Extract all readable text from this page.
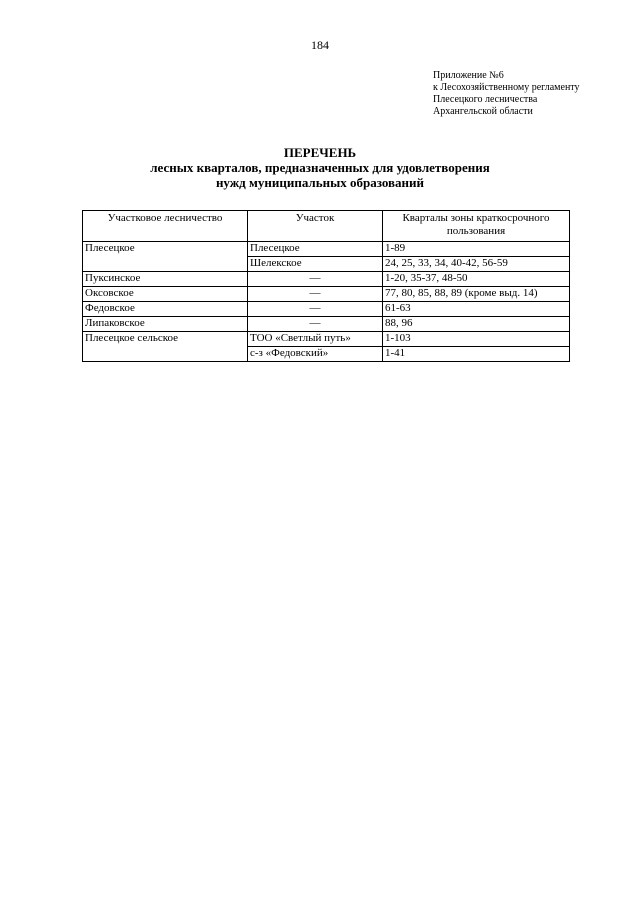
184
Приложение №6
к Лесохозяйственному регламенту
Плесецкого лесничества
Архангельской области
ПЕРЕЧЕНЬ
лесных кварталов, предназначенных для удовлетворения
нужд муниципальных образований
Участковое лесничество	Участок	Кварталы зоны краткосрочного пользования
Плесецкое	Плесецкое	1-89
	Шелекское	24, 25, 33, 34, 40-42, 56-59
Пуксинское	—	1-20, 35-37, 48-50
Оксовское	—	77, 80, 85, 88, 89 (кроме выд. 14)
Федовское	—	61-63
Липаковское	—	88, 96
Плесецкое сельское	ТОО «Светлый путь»	1-103
	с-з «Федовский»	1-41
